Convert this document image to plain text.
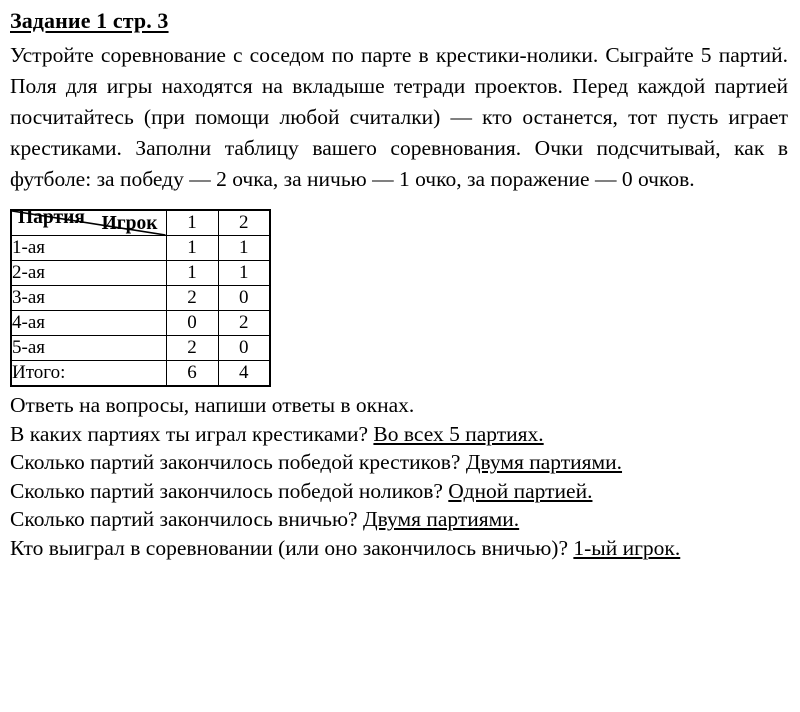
Задание 1 стр. 3

Устройте соревнование с соседом по парте в крестики-нолики. Сыграйте 5 партий. Поля для игры находятся на вкладыше тетради проектов. Перед каждой партией посчитайтесь (при помощи любой считалки) — кто останется, тот пусть играет крестиками. Заполни таблицу вашего соревнования. Очки подсчитывай, как в футболе: за победу — 2 очка, за ничью — 1 очко, за поражение — 0 очков.

Игрок
Партия	1	2
1-ая	1	1
2-ая	1	1
3-ая	2	0
4-ая	0	2
5-ая	2	0
Итого:	6	4

Ответь на вопросы, напиши ответы в окнах.

В каких партиях ты играл крестиками? Во всех 5 партиях.

Сколько партий закончилось победой крестиков? Двумя партиями.

Сколько партий закончилось победой ноликов? Одной партией.

Сколько партий закончилось вничью? Двумя партиями.

Кто выиграл в соревновании (или оно закончилось вничью)? 1-ый игрок.
